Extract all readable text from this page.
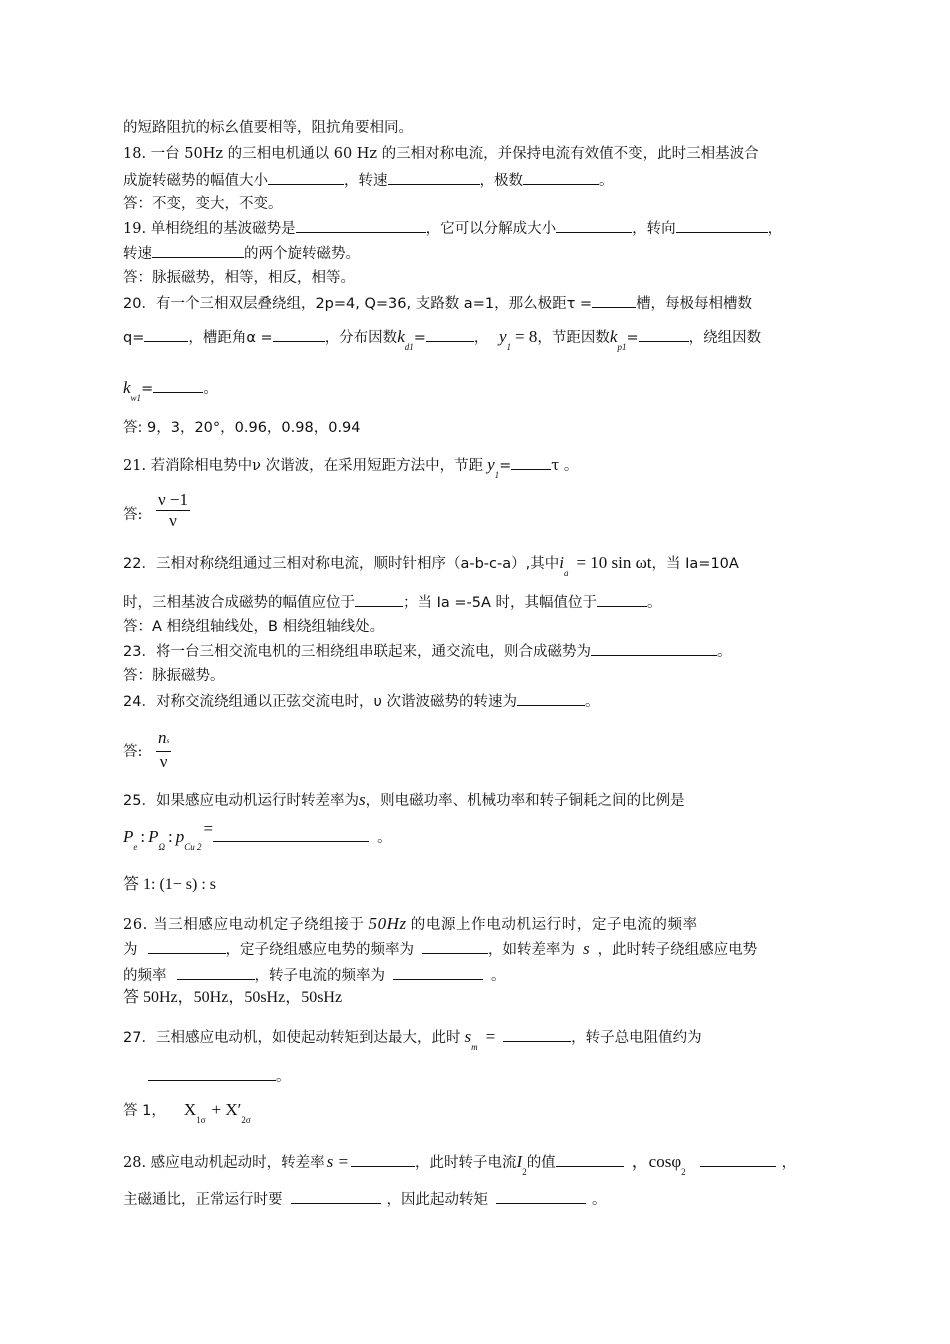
的短路阻抗的标幺值要相等，阻抗角要相同。
18. 一台 50Hz 的三相电机通以 60 Hz 的三相对称电流，并保持电流有效值不变，此时三相基波合
成旋转磁势的幅值大小	，转速	，极数	。
答：不变，变大，不变。
19. 单相绕组的基波磁势是	，它可以分解成大小	，转向	，
转速	的两个旋转磁势。
答：脉振磁势，相等，相反，相等。
20．有一个三相双层叠绕组，2p=4, Q=36, 支路数 a=1，那么极距τ =	槽，每极每相槽数
q=	，槽距角α =	，分布因数$k_{d1}=$	， $y_1= 8$，节距因数$k_{p1}=$	，绕组因数
$k_{w1}=$	。
答: 9，3，20°，0.96，0.98，0.94
21. 若消除相电势中ν 次谐波，在采用短距方法中，节距 $y_1=$	τ 。
答: $\frac{\nu -1}{\nu}$
22．三相对称绕组通过三相对称电流，顺时针相序（a-b-c-a）,其中$i_a= 10$ sin ωt，当 Ia=10A
时，三相基波合成磁势的幅值应位于	；当 Ia =-5A 时，其幅值位于	。
答：A 相绕组轴线处，B 相绕组轴线处。
23．将一台三相交流电机的三相绕组串联起来，通交流电，则合成磁势为	。
答：脉振磁势。
24．对称交流绕组通以正弦交流电时，υ 次谐波磁势的转速为	。
答: $\frac{ns}{\nu}$
25．如果感应电动机运行时转差率为s，则电磁功率、机械功率和转子铜耗之间的比例是
$P_e$: $P_\Omega$: $p_{Cu 2}=$	。
答 1: (1− s) : s
26. 当三相感应电动机定子绕组接于 50Hz 的电源上作电动机运行时，定子电流的频率
为	，定子绕组感应电势的频率为	，如转差率为 s ，此时转子绕组感应电势
的频率	，转子电流的频率为	。
答 50Hz，50Hz，50sHz，50sHz
27．三相感应电动机，如使起动转矩到达最大，此时 $s_m=$	，转子总电阻值约为
。
答 1， $X_{1\sigma}+ X'_{2\sigma}$
28. 感应电动机起动时，转差率 s =	，此时转子电流$I_2$的值	，cosφ$_2$，
主磁通比，正常运行时要	，因此起动转矩	。
